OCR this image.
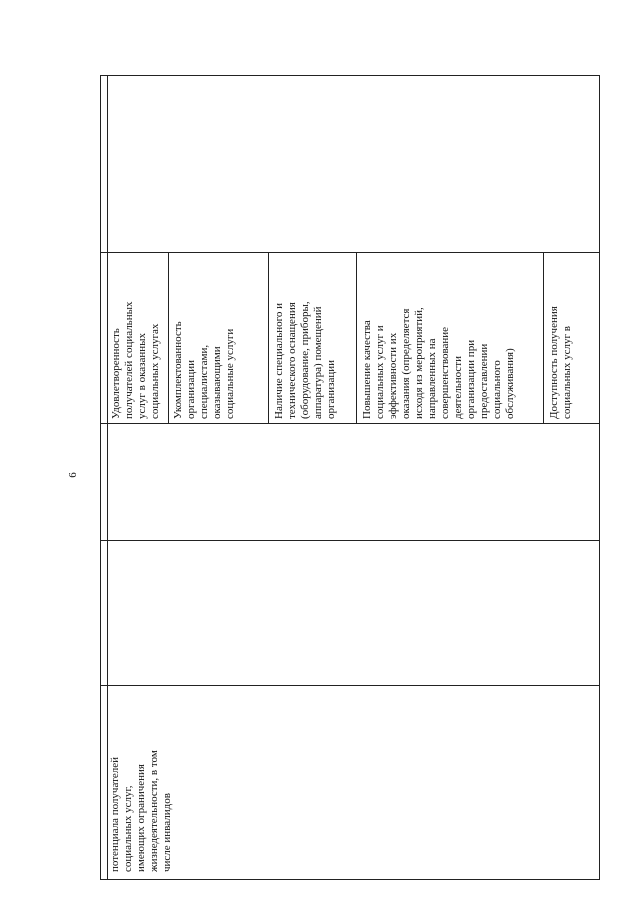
6
потенциала получателей
социальных услуг,
имеющих ограничения
жизнедеятельности, в том
числе инвалидов
Удовлетворенность
получателей социальных
услуг в оказанных
социальных услугах Укомплектованность
организации
специалистами,
оказывающими
социальные услуги
Наличие специального и
технического оснащения
(оборудование, приборы,
аппаратура) помещений
организации Повышение качества
социальных услуг и
эффективности их
оказания (определяется
исходя из мероприятий,
направленных на
совершенствование
деятельности
организации при
предоставлении
социального
обслуживания)	Доступность получения
социальных услуг в
